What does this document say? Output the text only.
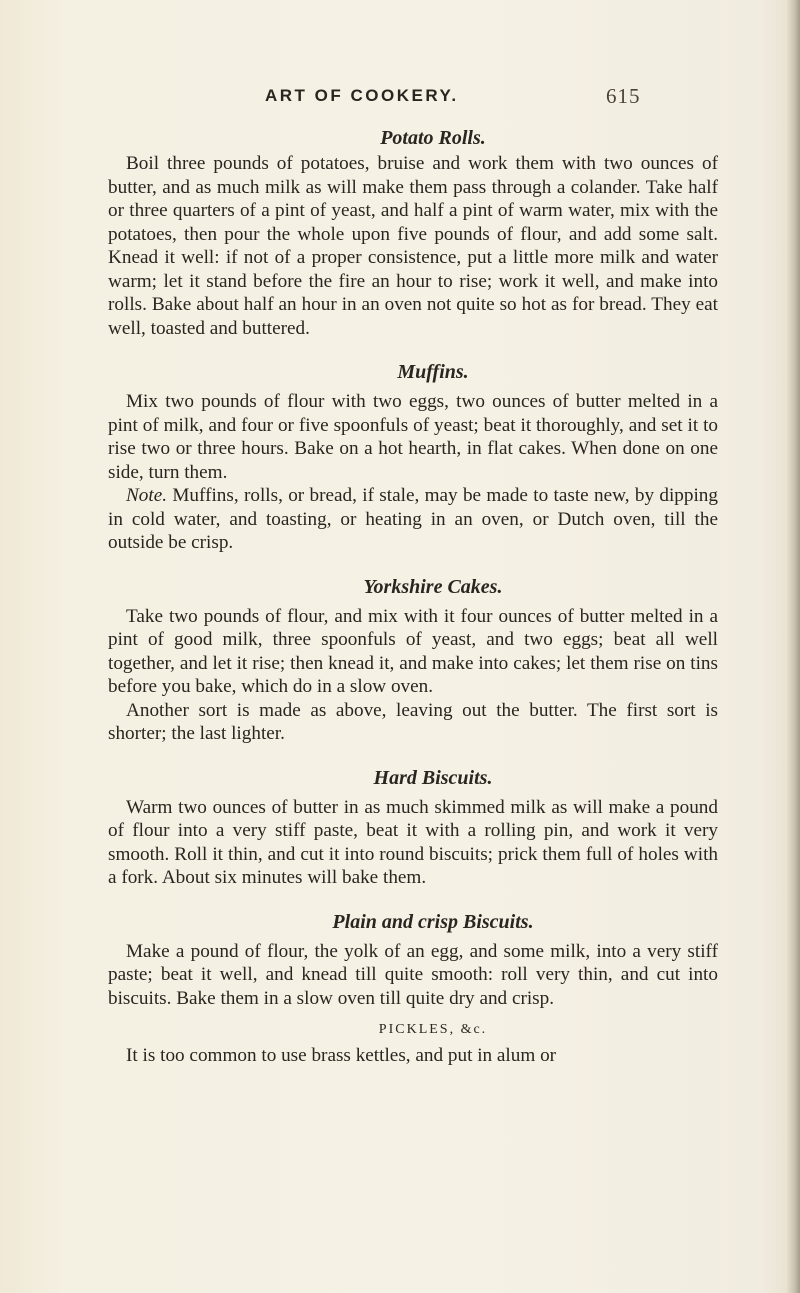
ART OF COOKERY.	615
Potato Rolls.

Boil three pounds of potatoes, bruise and work them with two ounces of butter, and as much milk as will make them pass through a colander. Take half or three quarters of a pint of yeast, and half a pint of warm water, mix with the potatoes, then pour the whole upon five pounds of flour, and add some salt. Knead it well: if not of a proper consistence, put a little more milk and water warm; let it stand before the fire an hour to rise; work it well, and make into rolls. Bake about half an hour in an oven not quite so hot as for bread. They eat well, toasted and buttered.

Muffins.

Mix two pounds of flour with two eggs, two ounces of butter melted in a pint of milk, and four or five spoonfuls of yeast; beat it thoroughly, and set it to rise two or three hours. Bake on a hot hearth, in flat cakes. When done on one side, turn them.

Note. Muffins, rolls, or bread, if stale, may be made to taste new, by dipping in cold water, and toasting, or heating in an oven, or Dutch oven, till the outside be crisp.

Yorkshire Cakes.

Take two pounds of flour, and mix with it four ounces of butter melted in a pint of good milk, three spoonfuls of yeast, and two eggs; beat all well together, and let it rise; then knead it, and make into cakes; let them rise on tins before you bake, which do in a slow oven.

Another sort is made as above, leaving out the butter. The first sort is shorter; the last lighter.

Hard Biscuits.

Warm two ounces of butter in as much skimmed milk as will make a pound of flour into a very stiff paste, beat it with a rolling pin, and work it very smooth. Roll it thin, and cut it into round biscuits; prick them full of holes with a fork. About six minutes will bake them.

Plain and crisp Biscuits.

Make a pound of flour, the yolk of an egg, and some milk, into a very stiff paste; beat it well, and knead till quite smooth: roll very thin, and cut into biscuits. Bake them in a slow oven till quite dry and crisp.

PICKLES, &c.

It is too common to use brass kettles, and put in alum or
